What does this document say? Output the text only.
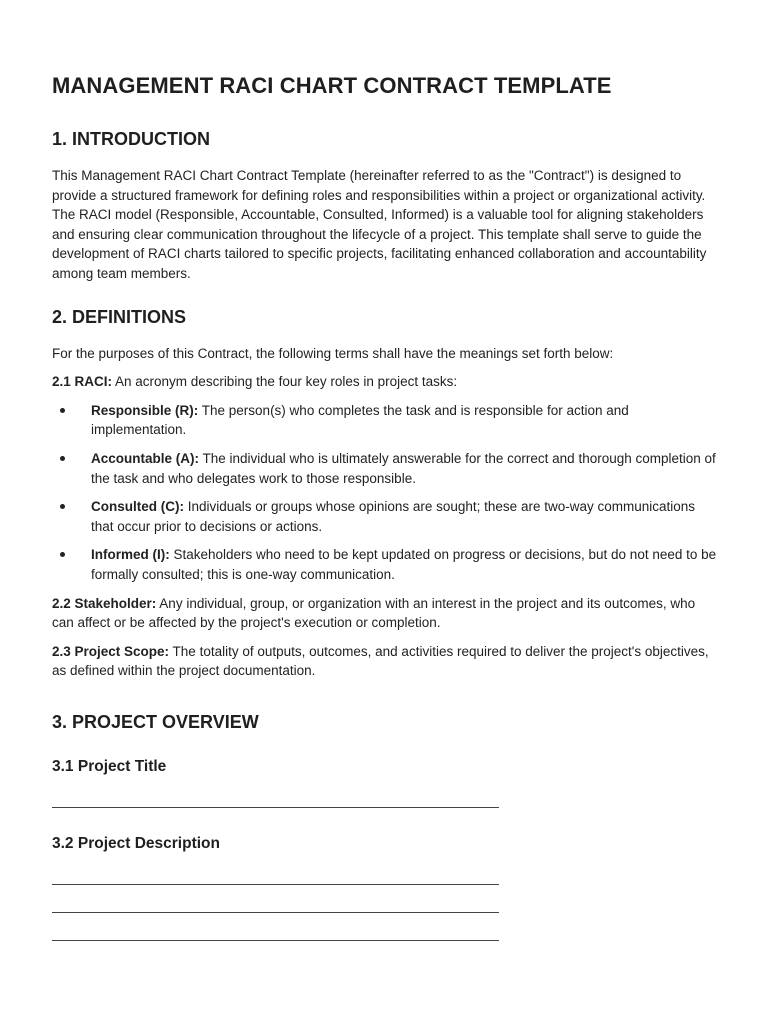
MANAGEMENT RACI CHART CONTRACT TEMPLATE
1. INTRODUCTION

This Management RACI Chart Contract Template (hereinafter referred to as the "Contract") is designed to provide a structured framework for defining roles and responsibilities within a project or organizational activity. The RACI model (Responsible, Accountable, Consulted, Informed) is a valuable tool for aligning stakeholders and ensuring clear communication throughout the lifecycle of a project. This template shall serve to guide the development of RACI charts tailored to specific projects, facilitating enhanced collaboration and accountability among team members.

2. DEFINITIONS

For the purposes of this Contract, the following terms shall have the meanings set forth below:

2.1 RACI: An acronym describing the four key roles in project tasks:

Responsible (R): The person(s) who completes the task and is responsible for action and implementation.
Accountable (A): The individual who is ultimately answerable for the correct and thorough completion of the task and who delegates work to those responsible.
Consulted (C): Individuals or groups whose opinions are sought; these are two-way communications that occur prior to decisions or actions.
Informed (I): Stakeholders who need to be kept updated on progress or decisions, but do not need to be formally consulted; this is one-way communication.

2.2 Stakeholder: Any individual, group, or organization with an interest in the project and its outcomes, who can affect or be affected by the project's execution or completion.

2.3 Project Scope: The totality of outputs, outcomes, and activities required to deliver the project's objectives, as defined within the project documentation.

3. PROJECT OVERVIEW
3.1 Project Title
3.2 Project Description
